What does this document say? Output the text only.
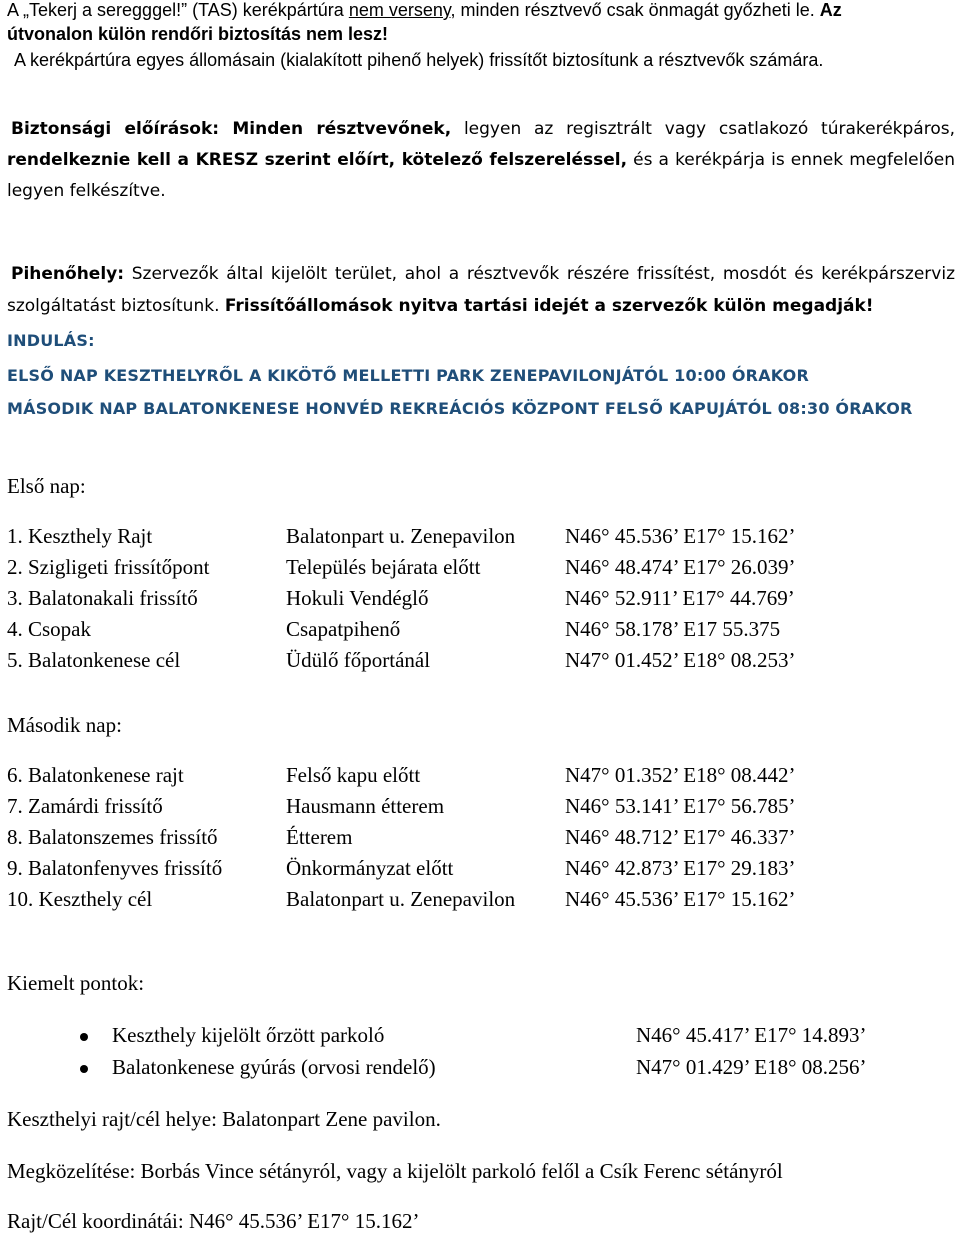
A „Tekerj a seregggel!” (TAS) kerékpártúra nem verseny, minden résztvevő csak önmagát győzheti le. Az
útvonalon külön rendőri biztosítás nem lesz!
A kerékpártúra egyes állomásain (kialakított pihenő helyek) frissítőt biztosítunk a résztvevők számára.
Biztonsági előírások: Minden résztvevőnek, legyen az regisztrált vagy csatlakozó túrakerékpáros, rendelkeznie kell a KRESZ szerint előírt, kötelező felszereléssel, és a kerékpárja is ennek megfelelően legyen felkészítve.
Pihenőhely: Szervezők által kijelölt terület, ahol a résztvevők részére frissítést, mosdót és kerékpárszerviz szolgáltatást biztosítunk. Frissítőállomások nyitva tartási idejét a szervezők külön megadják!
INDULÁS:
ELSŐ NAP KESZTHELYRŐL A KIKÖTŐ MELLETTI PARK ZENEPAVILONJÁTÓL 10:00 ÓRAKOR
MÁSODIK NAP BALATONKENESE HONVÉD REKREÁCIÓS KÖZPONT FELSŐ KAPUJÁTÓL 08:30 ÓRAKOR
Első nap:
1. Keszthely Rajt	Balatonpart u. Zenepavilon N46° 45.536’ E17° 15.162’
2. Szigligeti frissítőpont	Település bejárata előtt	N46° 48.474’ E17° 26.039’
3. Balatonakali frissítő	Hokuli Vendéglő	N46° 52.911’ E17° 44.769’
4. Csopak	Csapatpihenő	N46° 58.178’ E17 55.375
5. Balatonkenese cél	Üdülő főportánál	N47° 01.452’ E18° 08.253’
Második nap:
6. Balatonkenese rajt	Felső kapu előtt	N47° 01.352’ E18° 08.442’
7. Zamárdi frissítő	Hausmann étterem	N46° 53.141’ E17° 56.785’
8. Balatonszemes frissítő	Étterem	N46° 48.712’ E17° 46.337’
9. Balatonfenyves frissítő	Önkormányzat előtt	N46° 42.873’ E17° 29.183’
10. Keszthely cél	Balatonpart u. Zenepavilon N46° 45.536’ E17° 15.162’
Kiemelt pontok:
Keszthely kijelölt őrzött parkoló	N46° 45.417’ E17° 14.893’
Balatonkenese gyúrás (orvosi rendelő)	N47° 01.429’ E18° 08.256’
Keszthelyi rajt/cél helye: Balatonpart Zene pavilon.
Megközelítése: Borbás Vince sétányról, vagy a kijelölt parkoló felől a Csík Ferenc sétányról
Rajt/Cél koordinátái: N46° 45.536’ E17° 15.162’
